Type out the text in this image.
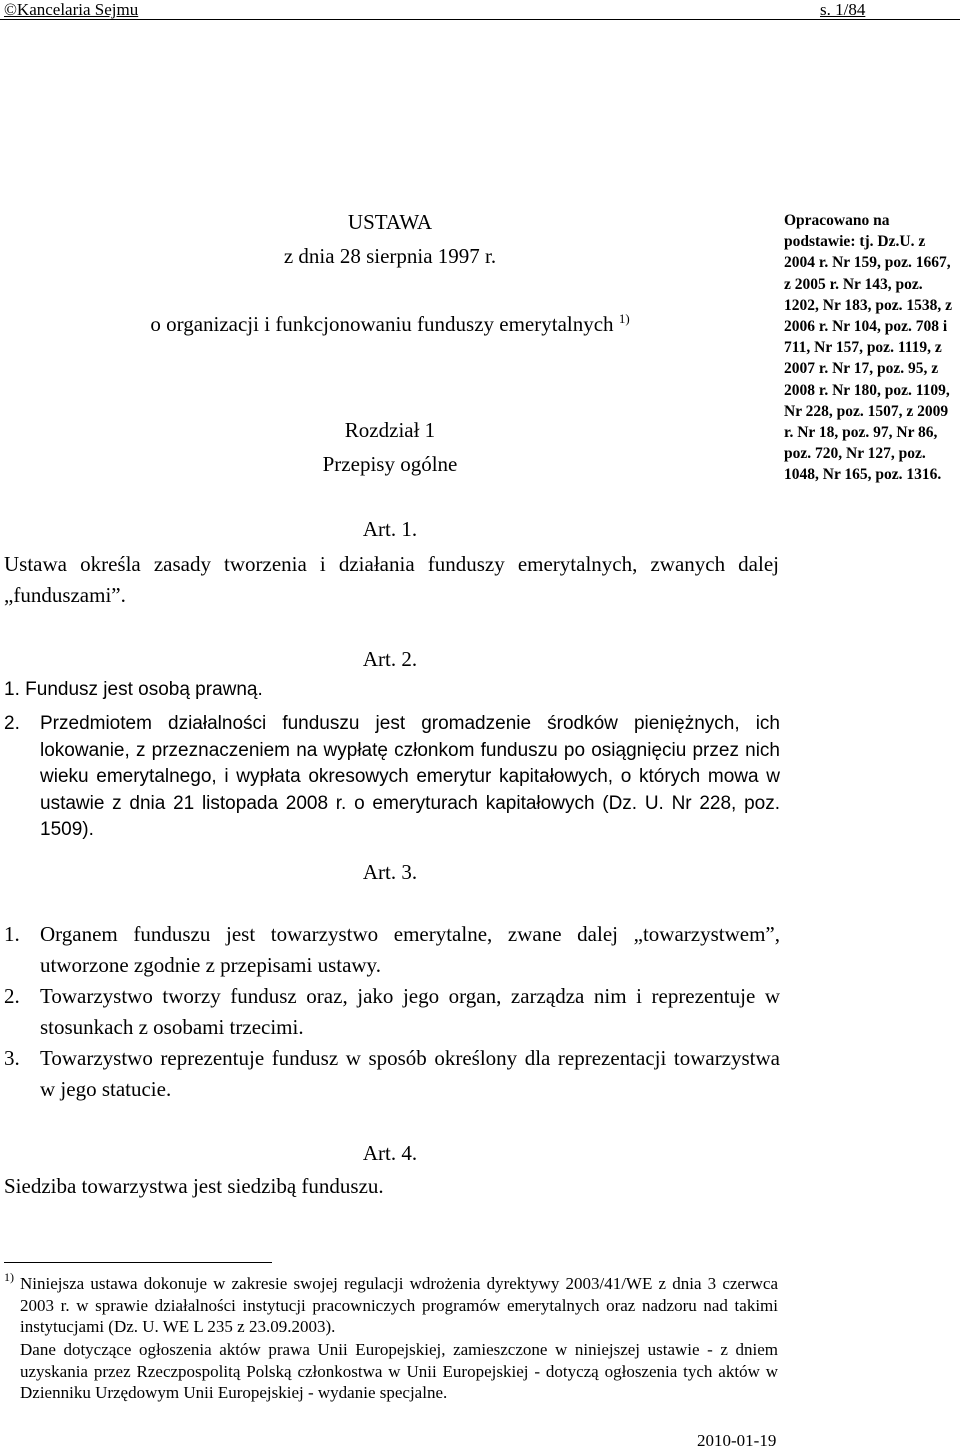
©Kancelaria Sejmu	s. 1/84

USTAWA

z dnia 28 sierpnia 1997 r.

o organizacji i funkcjonowaniu funduszy emerytalnych $^{1)}$

Rozdział 1

Przepisy ogólne

Opracowano na podstawie: tj. Dz.U. z 2004 r. Nr 159, poz. 1667, z 2005 r. Nr 143, poz. 1202, Nr 183, poz. 1538, z 2006 r. Nr 104, poz. 708 i 711, Nr 157, poz. 1119, z 2007 r. Nr 17, poz. 95, z 2008 r. Nr 180, poz. 1109, Nr 228, poz. 1507, z 2009 r. Nr 18, poz. 97, Nr 86, poz. 720, Nr 127, poz. 1048, Nr 165, poz. 1316.

Art. 1.

Ustawa określa zasady tworzenia i działania funduszy emerytalnych, zwanych dalej „funduszami”.

Art. 2.

1. Fundusz jest osobą prawną.

2. Przedmiotem działalności funduszu jest gromadzenie środków pieniężnych, ich lokowanie, z przeznaczeniem na wypłatę członkom funduszu po osiągnięciu przez nich wieku emerytalnego, i wypłata okresowych emerytur kapitałowych, o których mowa w ustawie z dnia 21 listopada 2008 r. o emeryturach kapitałowych (Dz. U. Nr 228, poz. 1509).

Art. 3.

1. Organem funduszu jest towarzystwo emerytalne, zwane dalej „towarzystwem”, utworzone zgodnie z przepisami ustawy.

2. Towarzystwo tworzy fundusz oraz, jako jego organ, zarządza nim i reprezentuje w stosunkach z osobami trzecimi.

3. Towarzystwo reprezentuje fundusz w sposób określony dla reprezentacji towarzystwa w jego statucie.

Art. 4.

Siedziba towarzystwa jest siedzibą funduszu.

1) Niniejsza ustawa dokonuje w zakresie swojej regulacji wdrożenia dyrektywy 2003/41/WE z dnia 3 czerwca 2003 r. w sprawie działalności instytucji pracowniczych programów emerytalnych oraz nadzoru nad takimi instytucjami (Dz. U. WE L 235 z 23.09.2003).

Dane dotyczące ogłoszenia aktów prawa Unii Europejskiej, zamieszczone w niniejszej ustawie - z dniem uzyskania przez Rzeczpospolitą Polską członkostwa w Unii Europejskiej - dotyczą ogłoszenia tych aktów w Dzienniku Urzędowym Unii Europejskiej - wydanie specjalne.

2010-01-19
